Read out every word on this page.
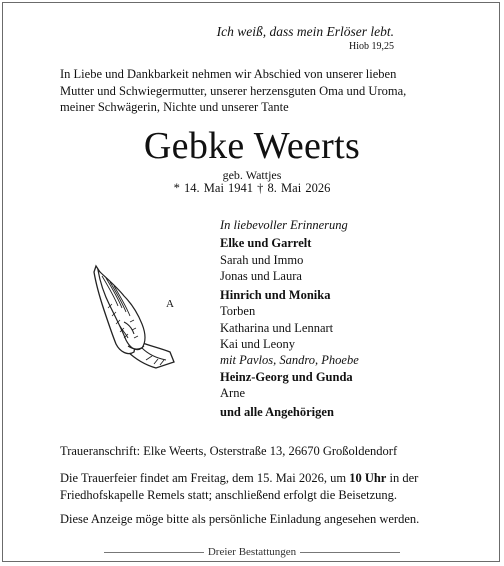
Ich weiß, dass mein Erlöser lebt.
Hiob 19,25
In Liebe und Dankbarkeit nehmen wir Abschied von unserer lieben
Mutter und Schwiegermutter, unserer herzensguten Oma und Uroma,
meiner Schwägerin, Nichte und unserer Tante
Gebke Weerts
geb. Wattjes
* 14. Mai 1941 † 8. Mai 2026
A
In liebevoller Erinnerung
Elke und Garrelt
Sarah und Immo
Jonas und Laura
Hinrich und Monika
Torben
Katharina und Lennart
Kai und Leony
mit Pavlos, Sandro, Phoebe
Heinz-Georg und Gunda
Arne
und alle Angehörigen
Traueranschrift: Elke Weerts, Osterstraße 13, 26670 Großoldendorf
Die Trauerfeier findet am Freitag, dem 15. Mai 2026, um 10 Uhr in der
Friedhofskapelle Remels statt; anschließend erfolgt die Beisetzung.
Diese Anzeige möge bitte als persönliche Einladung angesehen werden.
Dreier Bestattungen
